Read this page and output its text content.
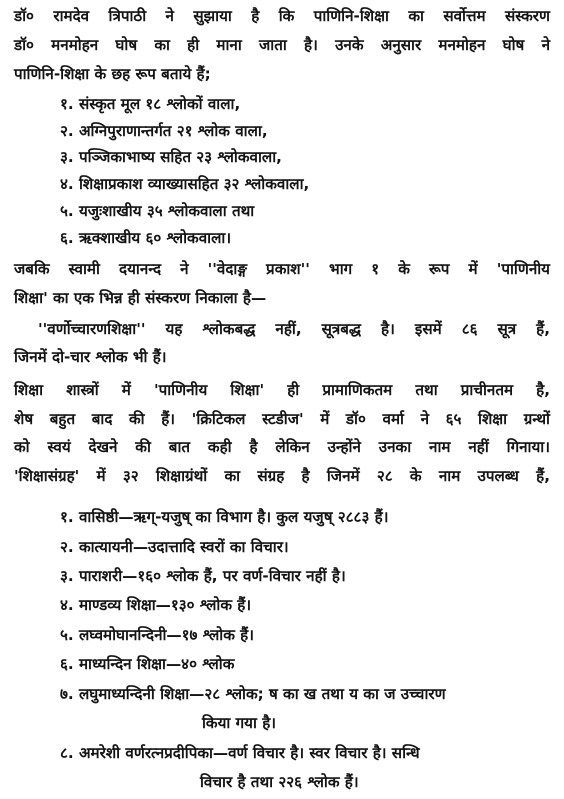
डॉ० रामदेव त्रिपाठी ने सुझाया है कि पाणिनि-शिक्षा का सर्वोत्तम संस्करण
डॉ० मनमोहन घोष का ही माना जाता है। उनके अनुसार मनमोहन घोष ने
पाणिनि-शिक्षा के छह रूप बताये हैं;
१. संस्कृत मूल १८ श्लोकों वाला,
२. अग्निपुराणान्तर्गत २१ श्लोक वाला,
३. पञ्जिकाभाष्य सहित २३ श्लोकवाला,
४. शिक्षाप्रकाश व्याख्यासहित ३२ श्लोकवाला,
५. यजुःशाखीय ३५ श्लोकवाला तथा
६. ऋक्शाखीय ६० श्लोकवाला।
जबकि स्वामी दयानन्द ने ''वेदाङ्ग प्रकाश'' भाग १ के रूप में 'पाणिनीय
शिक्षा' का एक भिन्न ही संस्करण निकाला है—
''वर्णोच्चारणशिक्षा'' यह श्लोकबद्ध नहीं, सूत्रबद्ध है। इसमें ८६ सूत्र हैं,
जिनमें दो-चार श्लोक भी हैं।
शिक्षा शास्त्रों में 'पाणिनीय शिक्षा' ही प्रामाणिकतम तथा प्राचीनतम है,
शेष बहुत बाद की हैं। 'क्रिटिकल स्टडीज' में डॉ० वर्मा ने ६५ शिक्षा ग्रन्थों
को स्वयं देखने की बात कही है लेकिन उन्होंने उनका नाम नहीं गिनाया।
'शिक्षासंग्रह' में ३२ शिक्षाग्रंथों का संग्रह है जिनमें २८ के नाम उपलब्ध हैं,
१. वासिष्ठी—ऋग्-यजुष् का विभाग है। कुल यजुष् २८८३ हैं।
२. कात्यायनी—उदात्तादि स्वरों का विचार।
३. पाराशरी—१६० श्लोक हैं, पर वर्ण-विचार नहीं है।
४. माण्डव्य शिक्षा—१३० श्लोक हैं।
५. लघ्वमोघानन्दिनी—१७ श्लोक हैं।
६. माध्यन्दिन शिक्षा—४० श्लोक
७. लघुमाध्यन्दिनी शिक्षा—२८ श्लोक; ष का ख तथा य का ज उच्चारण
किया गया है।
८. अमरेशी वर्णरत्नप्रदीपिका—वर्ण विचार है। स्वर विचार है। सन्धि
विचार है तथा २२६ श्लोक हैं।
